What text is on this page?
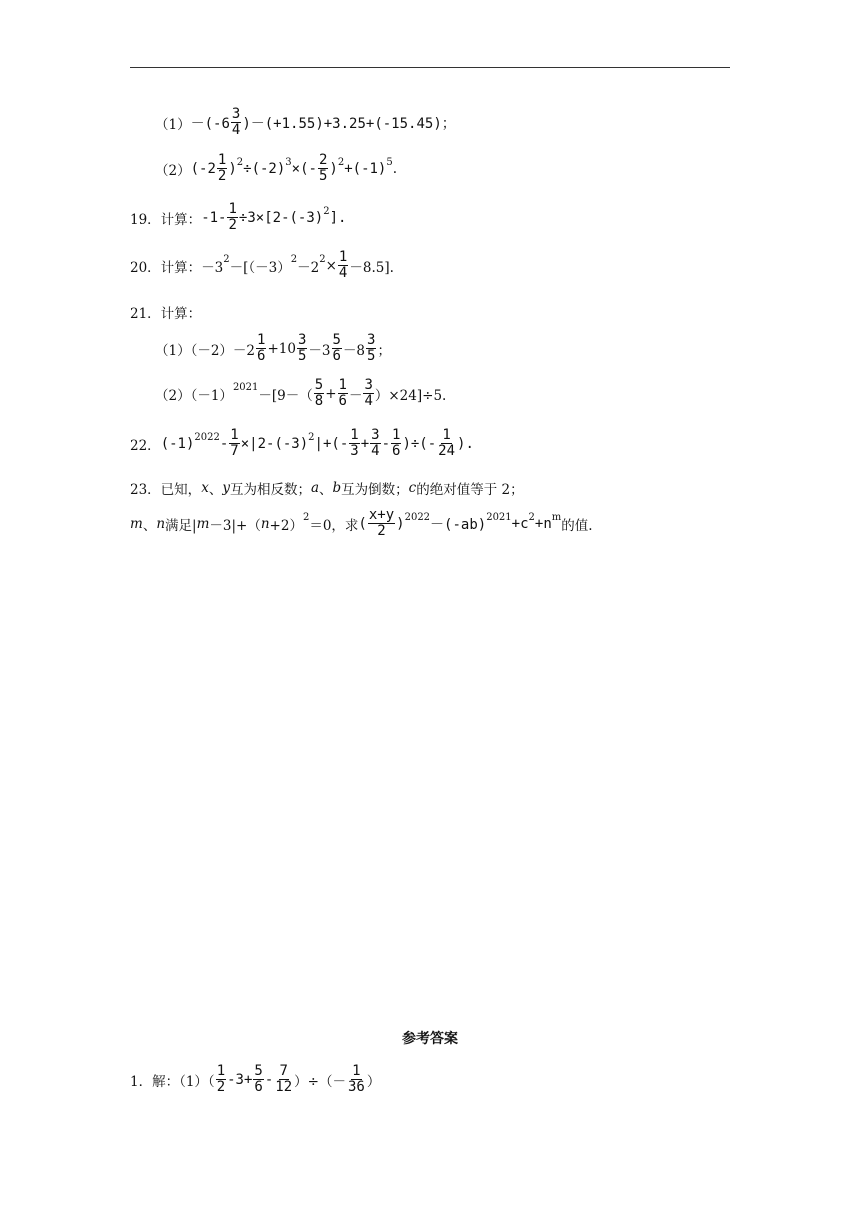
$(1) -(-6 \frac{3}{4} )-(+1.55)+3.25+(-15.45)$；
（2） $(-2 \frac{1}{2} )^2 \div(-2)^3$ ×(- $\frac{2}{5} )^2 +(-1)^5$ .
19．计算： $-1- \frac{1}{2} \div 3\times[2-(-3)^2$ ].
20．计算： $-3^2 -[(-3)^2 -2^2 \times \frac{1}{4} -8.5]$.
21．计算：
$(1)(-2)-2 \frac{1}{6} +10 \frac{3}{5} -3 \frac{5}{6} -8 \frac{3}{5}$ ；
$(2)(-1)^{2021} -[9-( \frac{5}{8} + \frac{1}{6} - \frac{3}{4} )\times 24]\div 5$.
22． $(-1)^{2022} - \frac{1}{7} \times|2-(-3)^2$ |+(- $\frac{1}{3} + \frac{3}{4} - \frac{1}{6}$ )÷(- $\frac{1}{24}$ ).
23．已知， x 、 y 互为相反数； a 、 b 互为倒数； c 的绝对值等于 2；
m 、 n 满足| m －3|+（ n +2）$^2$ ＝0，求 ( $\frac{x+y}{2} )^{2022} -(-ab)^{2021} +c^2 +n^m$ 的值.
参考答案
1．解：$(1)( \frac{1}{2} -3+ \frac{5}{6} - \frac{7}{12}$ ）÷（－ $\frac{1}{36}$ ）
